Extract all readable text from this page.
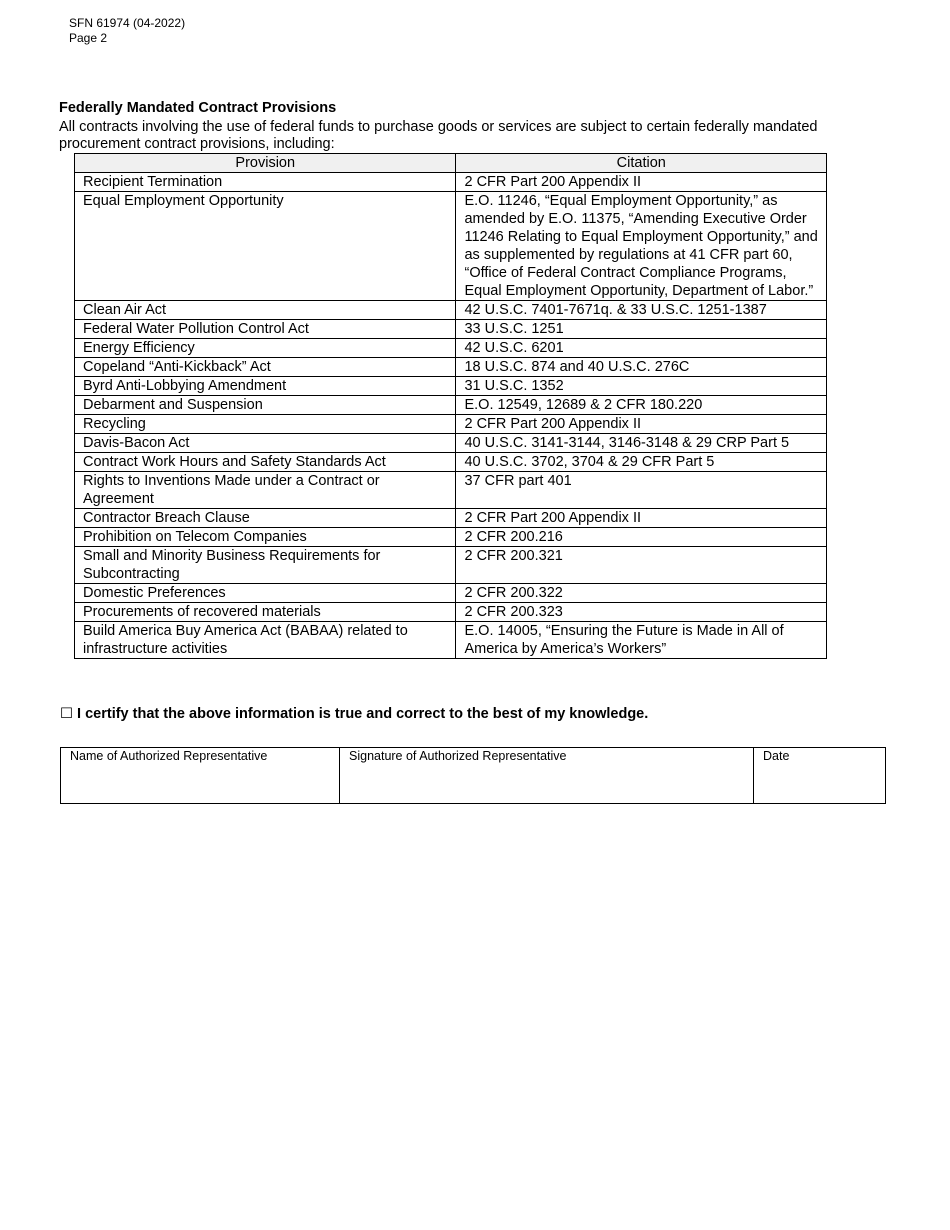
SFN 61974 (04-2022)
Page 2
Federally Mandated Contract Provisions
All contracts involving the use of federal funds to purchase goods or services are subject to certain federally mandated procurement contract provisions, including:
Provision	Citation
Recipient Termination	2 CFR Part 200 Appendix II
Equal Employment Opportunity	E.O. 11246, “Equal Employment Opportunity,” as amended by E.O. 11375, “Amending Executive Order 11246 Relating to Equal Employment Opportunity,” and as supplemented by regulations at 41 CFR part 60, “Office of Federal Contract Compliance Programs, Equal Employment Opportunity, Department of Labor.”
Clean Air Act	42 U.S.C. 7401-7671q. & 33 U.S.C. 1251-1387
Federal Water Pollution Control Act	33 U.S.C. 1251
Energy Efficiency	42 U.S.C. 6201
Copeland “Anti-Kickback” Act	18 U.S.C. 874 and 40 U.S.C. 276C
Byrd Anti-Lobbying Amendment	31 U.S.C. 1352
Debarment and Suspension	E.O. 12549, 12689 & 2 CFR 180.220
Recycling	2 CFR Part 200 Appendix II
Davis-Bacon Act	40 U.S.C. 3141-3144, 3146-3148 & 29 CRP Part 5
Contract Work Hours and Safety Standards Act	40 U.S.C. 3702, 3704 & 29 CFR Part 5
Rights to Inventions Made under a Contract or Agreement	37 CFR part 401
Contractor Breach Clause	2 CFR Part 200 Appendix II
Prohibition on Telecom Companies	2 CFR 200.216
Small and Minority Business Requirements for Subcontracting	2 CFR 200.321
Domestic Preferences	2 CFR 200.322
Procurements of recovered materials	2 CFR 200.323
Build America Buy America Act (BABAA) related to infrastructure activities	E.O. 14005, “Ensuring the Future is Made in All of America by America’s Workers”
☐ I certify that the above information is true and correct to the best of my knowledge.
Name of Authorized Representative	Signature of Authorized Representative	Date
